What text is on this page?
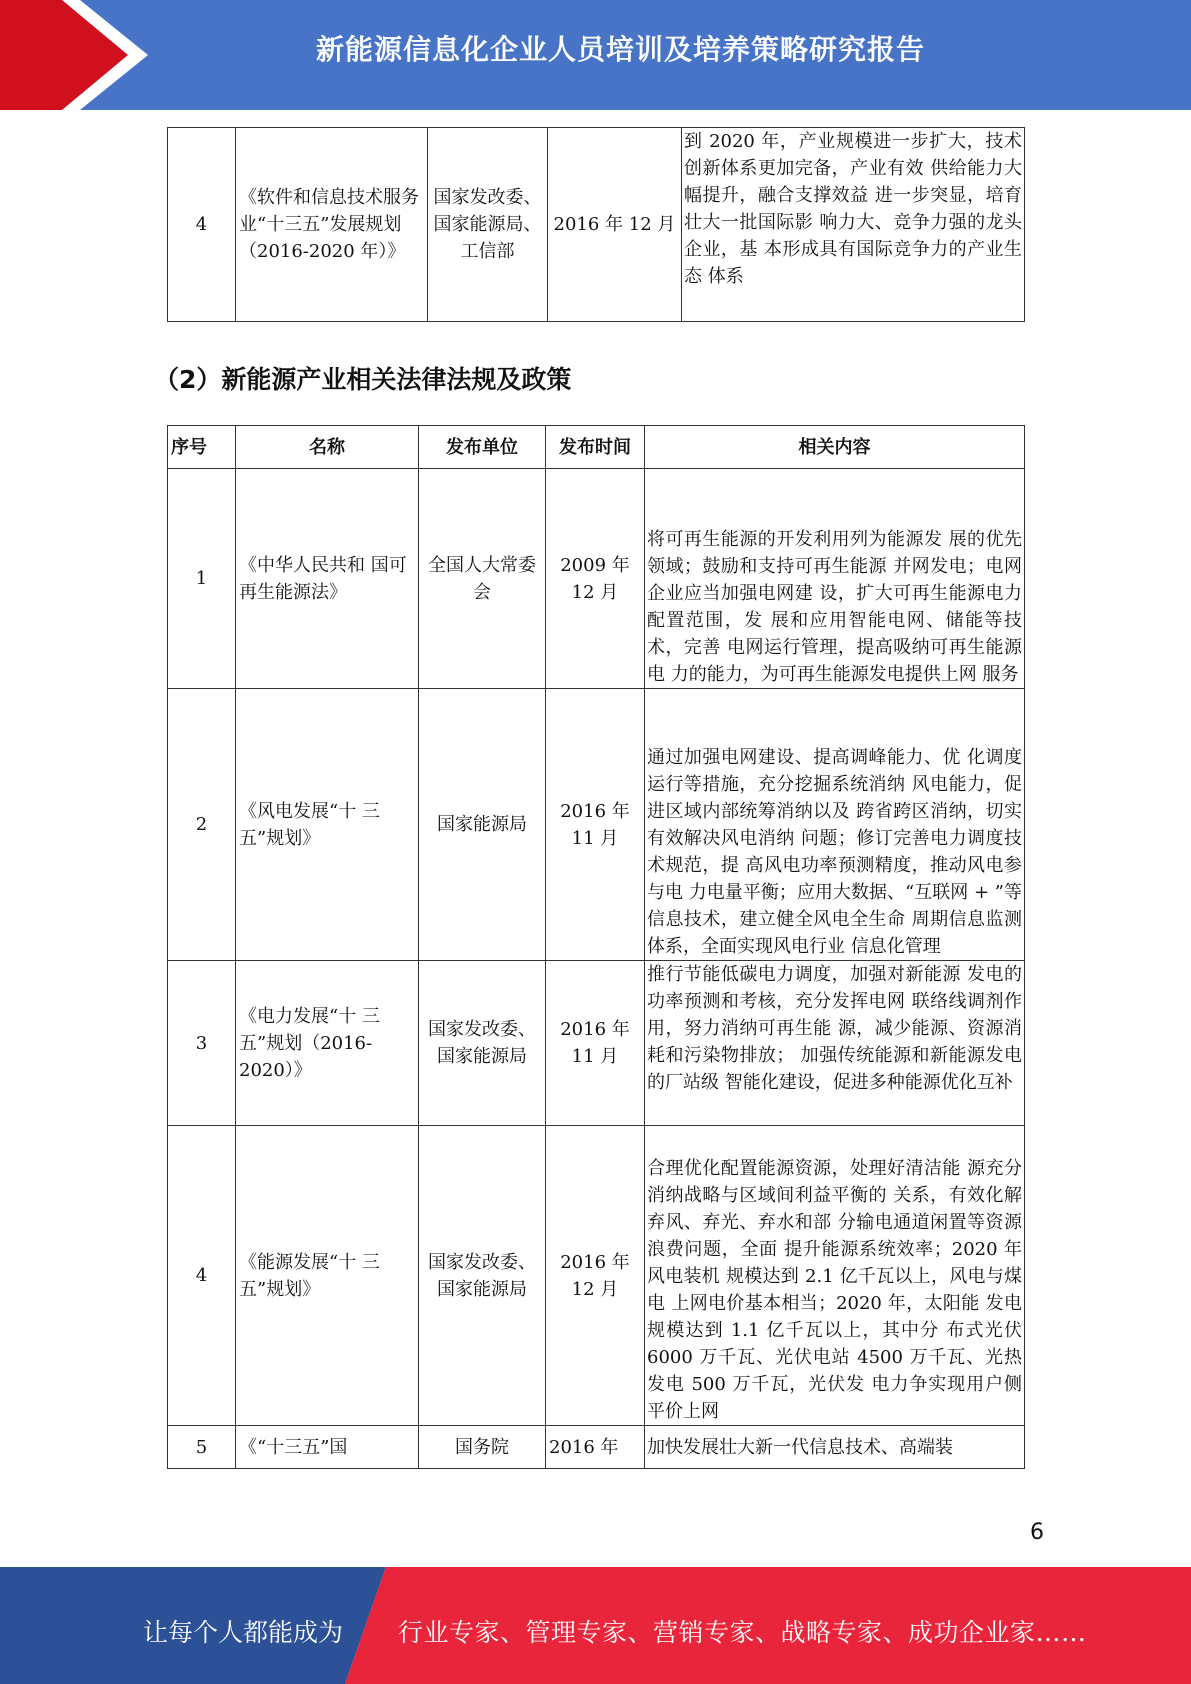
新能源信息化企业人员培训及培养策略研究报告
4	《软件和信息技术服务业“十三五”发展规划（2016-2020 年）》	国家发改委、国家能源局、工信部	2016 年 12 月	到 2020 年，产业规模进一步扩大，技术创新体系更加完备，产业有效 供给能力大幅提升，融合支撑效益 进一步突显，培育壮大一批国际影 响力大、竞争力强的龙头企业，基 本形成具有国际竞争力的产业生态 体系
（2）新能源产业相关法律法规及政策
序号	名称	发布单位	发布时间	相关内容
1	《中华人民共和 国可再生能源法》	全国人大常委会	2009 年 12 月	将可再生能源的开发利用列为能源发 展的优先领域；鼓励和支持可再生能源 并网发电；电网企业应当加强电网建 设，扩大可再生能源电力配置范围，发 展和应用智能电网、储能等技术，完善 电网运行管理，提高吸纳可再生能源电 力的能力，为可再生能源发电提供上网 服务
2	《风电发展“十 三五”规划》	国家能源局	2016 年 11 月	通过加强电网建设、提高调峰能力、优 化调度运行等措施，充分挖掘系统消纳 风电能力，促进区域内部统筹消纳以及 跨省跨区消纳，切实有效解决风电消纳 问题；修订完善电力调度技术规范，提 高风电功率预测精度，推动风电参与电 力电量平衡；应用大数据、“互联网 + ”等信息技术，建立健全风电全生命 周期信息监测体系，全面实现风电行业 信息化管理
3	《电力发展“十 三五”规划（2016-2020）》	国家发改委、国家能源局	2016 年 11 月	推行节能低碳电力调度，加强对新能源 发电的功率预测和考核，充分发挥电网 联络线调剂作用，努力消纳可再生能 源，减少能源、资源消耗和污染物排放； 加强传统能源和新能源发电的厂站级 智能化建设，促进多种能源优化互补
4	《能源发展“十 三五”规划》	国家发改委、国家能源局	2016 年 12 月	合理优化配置能源资源，处理好清洁能 源充分消纳战略与区域间利益平衡的 关系，有效化解弃风、弃光、弃水和部 分输电通道闲置等资源浪费问题，全面 提升能源系统效率；2020 年风电装机 规模达到 2.1 亿千瓦以上，风电与煤电 上网电价基本相当；2020 年，太阳能 发电规模达到 1.1 亿千瓦以上，其中分 布式光伏 6000 万千瓦、光伏电站 4500 万千瓦、光热发电 500 万千瓦，光伏发 电力争实现用户侧平价上网
5	《“十三五”国	国务院	2016 年	加快发展壮大新一代信息技术、高端装
6
让每个人都能成为 行业专家、管理专家、营销专家、战略专家、成功企业家……
